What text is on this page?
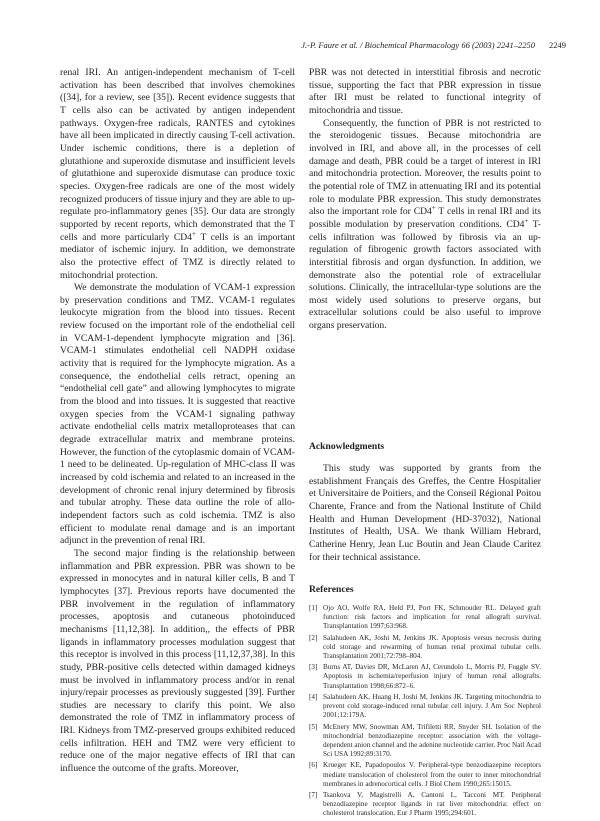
J.-P. Faure et al. / Biochemical Pharmacology 66 (2003) 2241–2250 2249

renal IRI. An antigen-independent mechanism of T-cell activation has been described that involves chemokines ([34], for a review, see [35]). Recent evidence suggests that T cells also can be activated by antigen independent pathways. Oxygen-free radicals, RANTES and cytokines have all been implicated in directly causing T-cell activation. Under ischemic conditions, there is a depletion of glutathione and superoxide dismutase and insufficient levels of glutathione and superoxide dismutase can produce toxic species. Oxygen-free radicals are one of the most widely recognized producers of tissue injury and they are able to up-regulate pro-inflammatory genes [35]. Our data are strongly supported by recent reports, which demonstrated that the T cells and more particularly CD4+ T cells is an important mediator of ischemic injury. In addition, we demonstrate also the protective effect of TMZ is directly related to mitochondrial protection.

We demonstrate the modulation of VCAM-1 expression by preservation conditions and TMZ. VCAM-1 regulates leukocyte migration from the blood into tissues. Recent review focused on the important role of the endothelial cell in VCAM-1-dependent lymphocyte migration and [36]. VCAM-1 stimulates endothelial cell NADPH oxidase activity that is required for the lymphocyte migration. As a consequence, the endothelial cells retract, opening an “endothelial cell gate” and allowing lymphocytes to migrate from the blood and into tissues. It is suggested that reactive oxygen species from the VCAM-1 signaling pathway activate endothelial cells matrix metalloproteases that can degrade extracellular matrix and membrane proteins. However, the function of the cytoplasmic domain of VCAM-1 need to be delineated. Up-regulation of MHC-class II was increased by cold ischemia and related to an increased in the development of chronic renal injury determined by fibrosis and tubular atrophy. These data outline the role of allo-independent factors such as cold ischemia. TMZ is also efficient to modulate renal damage and is an important adjunct in the prevention of renal IRI.

The second major finding is the relationship between inflammation and PBR expression. PBR was shown to be expressed in monocytes and in natural killer cells, B and T lymphocytes [37]. Previous reports have documented the PBR involvement in the regulation of inflammatory processes, apoptosis and cutaneous photoinduced mechanisms [11,12,38]. In addition,, the effects of PBR ligands in inflammatory processes modulation suggest that this receptor is involved in this process [11,12,37,38]. In this study, PBR-positive cells detected within damaged kidneys must be involved in inflammatory process and/or in renal injury/repair processes as previously suggested [39]. Further studies are necessary to clarify this point. We also demonstrated the role of TMZ in inflammatory process of IRI. Kidneys from TMZ-preserved groups exhibited reduced cells infiltration. HEH and TMZ were very efficient to reduce one of the major negative effects of IRI that can influence the outcome of the grafts. Moreover,

PBR was not detected in interstitial fibrosis and necrotic tissue, supporting the fact that PBR expression in tissue after IRI must be related to functional integrity of mitochondria and tissue.

Consequently, the function of PBR is not restricted to the steroidogenic tissues. Because mitochondria are involved in IRI, and above all, in the processes of cell damage and death, PBR could be a target of interest in IRI and mitochondria protection. Moreover, the results point to the potential role of TMZ in attenuating IRI and its potential role to modulate PBR expression. This study demonstrates also the important role for CD4+ T cells in renal IRI and its possible modulation by preservation conditions. CD4+ T-cells infiltration was followed by fibrosis via an up-regulation of fibrogenic growth factors associated with interstitial fibrosis and organ dysfunction. In addition, we demonstrate also the potential role of extracellular solutions. Clinically, the intracellular-type solutions are the most widely used solutions to preserve organs, but extracellular solutions could be also useful to improve organs preservation.

Acknowledgments

This study was supported by grants from the establishment Français des Greffes, the Centre Hospitalier et Universitaire de Poitiers, and the Conseil Régional Poitou Charente, France and from the National Institute of Child Health and Human Development (HD-37032), National Institutes of Health, USA. We thank William Hebrard, Catherine Henry, Jean Luc Boutin and Jean Claude Caritez for their technical assistance.

References
[1] Ojo AO, Wolfe RA, Held PJ, Port FK, Schmouder RL. Delayed graft function: risk factors and implication for renal allograft survival. Transplantation 1997;63:968.
[2] Salahudeen AK, Joshi M, Jenkins JK. Apoptosis versus necrosis during cold storage and rewarming of human renal proximal tubular cells. Transplantation 2001;72:798–804.
[3] Burns AT, Davies DR, McLaren AJ, Cerundolo L, Morris PJ, Fuggle SV. Apoptosis in ischemia/reperfusion injury of human renal allografts. Transplantation 1998;66:872–6.
[4] Salahudeen AK, Huang H, Joshi M, Jenkins JK. Targeting mitochondria to prevent cold storage-induced renal tubular cell injury. J Am Soc Nephrol 2001;12:179A.
[5] McEnery MW, Snowman AM, Trifiletti RR, Snyder SH. Isolation of the mitochondrial benzodiazepine receptor: association with the voltage-dependent anion channel and the adenine nucleotide carrier. Proc Natl Acad Sci USA 1992;89:3170.
[6] Krueger KE, Papadopoulos V. Peripheral-type benzodiazepine receptors mediate translocation of cholesterol from the outer to inner mitochondrial membranes in adrenocortical cells. J Biol Chem 1990;265:15015.
[7] Tsankova V, Magistrelli A, Cantoni L, Tacconi MT. Peripheral benzodiazepine receptor ligands in rat liver mitochondria: effect on cholesterol translocation. Eur J Pharm 1995;294:601.
